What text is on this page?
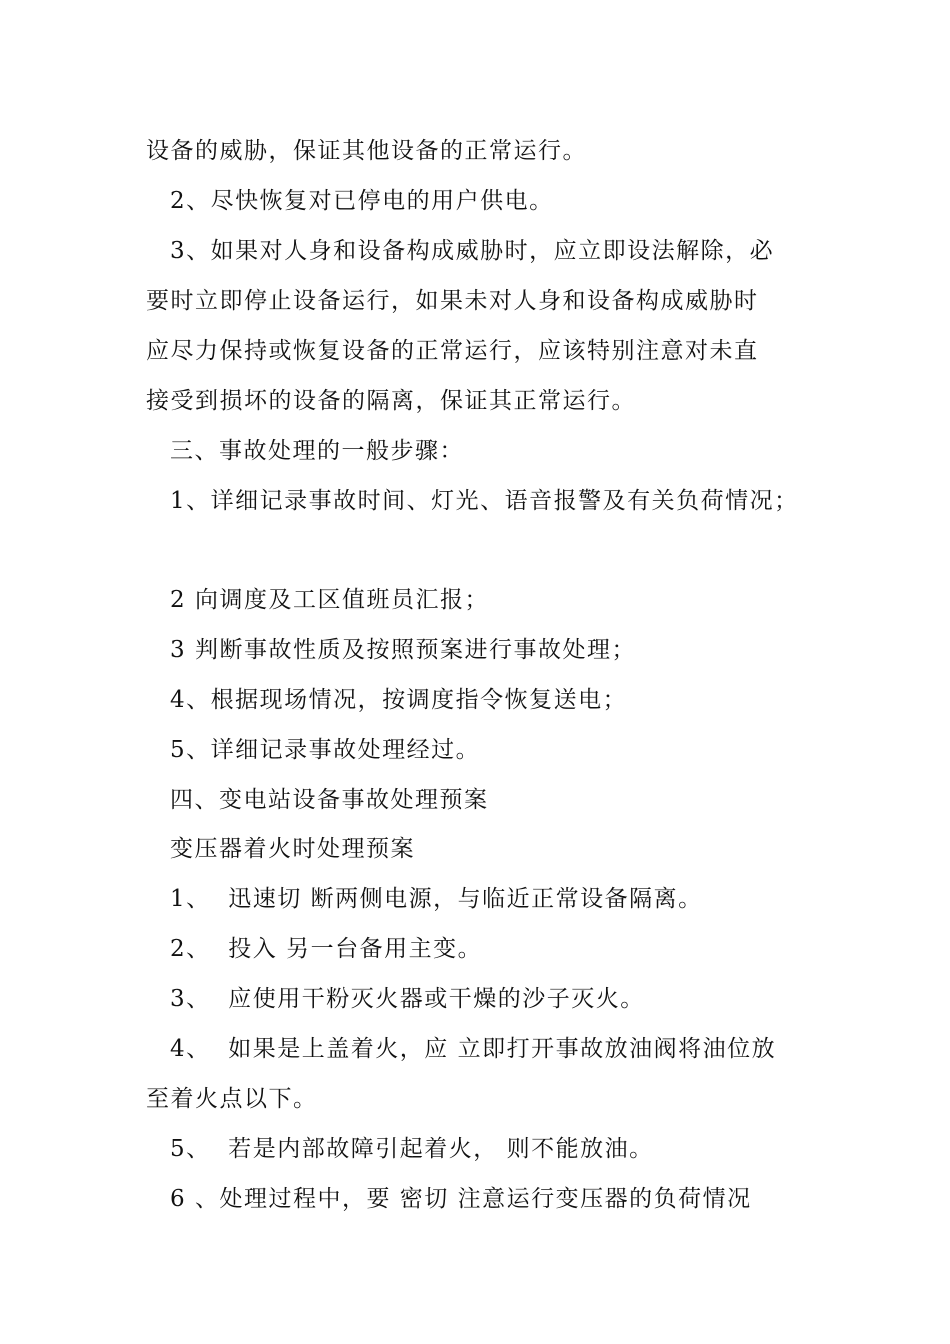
设备的威胁，保证其他设备的正常运行。
2、尽快恢复对已停电的用户供电。
3、如果对人身和设备构成威胁时，应立即设法解除，必
要时立即停止设备运行，如果未对人身和设备构成威胁时
应尽力保持或恢复设备的正常运行，应该特别注意对未直
接受到损坏的设备的隔离，保证其正常运行。
三、事故处理的一般步骤：
1、详细记录事故时间、灯光、语音报警及有关负荷情况；
2 向调度及工区值班员汇报；
3 判断事故性质及按照预案进行事故处理；
4、根据现场情况，按调度指令恢复送电；
5、详细记录事故处理经过。
四、变电站设备事故处理预案
变压器着火时处理预案
1、  迅速切 断两侧电源，与临近正常设备隔离。
2、  投入 另一台备用主变。
3、  应使用干粉灭火器或干燥的沙子灭火。
4、  如果是上盖着火，应 立即打开事故放油阀将油位放
至着火点以下。
5、  若是内部故障引起着火， 则不能放油。
6 、处理过程中，要 密切 注意运行变压器的负荷情况
